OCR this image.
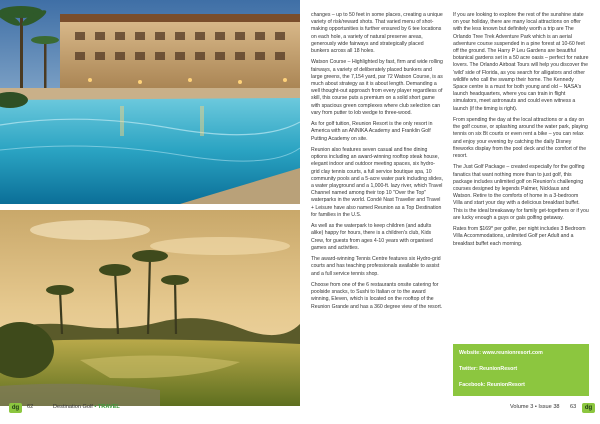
changes – up to 50 feet in some places, creating a unique variety of risk/reward shots. That varied menu of shot-making opportunities is further ensured by 6 tee locations on each hole, a variety of natural preserve areas, generously wide fairways and strategically placed bunkers across all 18 holes.

Watson Course – Highlighted by fast, firm and wide rolling fairways, a variety of deliberately placed bunkers and large greens, the 7,154 yard, par 72 Watson Course, is as much about strategy as it is about length. Demanding a well thought-out approach from every player regardless of skill, this course puts a premium on a solid short game with spacious green complexes where club selection can vary from putter to lob wedge to three-wood.

As for golf tuition, Reunion Resort is the only resort in America with an ANNIKA Academy and Franklin Golf Putting Academy on site.

Reunion also features seven casual and fine dining options including an award-winning rooftop steak house, elegant indoor and outdoor meeting spaces, six hydro-grid clay tennis courts, a full service boutique spa, 10 community pools and a 5-acre water park including slides, a water playground and a 1,000-ft. lazy river, which Travel Channel named among their top 10 "Over the Top" waterparks in the world. Condé Nast Traveller and Travel + Leisure have also named Reunion as a Top Destination for families in the U.S.

As well as the waterpark to keep children (and adults alike) happy for hours, there is a children's club, Kids Crew, for guests from ages 4-10 years with organised games and activities.

The award-winning Tennis Centre features six Hydro-grid courts and has teaching professionals available to assist and a full service tennis shop.

Choose from one of the 6 restaurants onsite catering for poolside snacks, to Sushi to Italian or to the award winning, Eleven, which is located on the rooftop of the Reunion Grande and has a 360 degree view of the resort.

If you are looking to explore the rest of the sunshine state on your holiday, there are many local attractions on offer with the less known but definitely worth a trip are The Orlando Tree Trek Adventure Park which is an aerial adventure course suspended in a pine forest at 10-60 feet off the ground. The Harry P Leu Gardens are beautiful botanical gardens set in a 50 acre oasis – perfect for nature lovers. The Orlando Airboat Tours will help you discover the 'wild' side of Florida, as you search for alligators and other wildlife who call the swamp their home. The Kennedy Space centre is a must for both young and old – NASA's launch headquarters, where you can train in flight simulators, meet astronauts and could even witness a launch (if the timing is right).

From spending the day at the local attractions or a day on the golf course, or splashing around the water park, playing tennis on six Bt courts or even rent a bike – you can relax and enjoy your evening by catching the daily Disney fireworks display from the pool deck and the comfort of the resort.

The Just Golf Package – created especially for the golfing fanatics that want nothing more than to just golf, this package includes unlimited golf on Reunion's challenging courses designed by legends Palmer, Nicklaus and Watson. Retire to the comforts of home in a 3-bedroom Villa and start your day with a delicious breakfast buffet. This is the ideal breakaway for family get-togethers or if you are lucky enough a guys or gals golfing getaway.

Rates from $169* per golfer, per night includes 3 Bedroom Villa Accommodations, unlimited Golf per Adult and a breakfast buffet each morning.

Website: www.reunionresort.com
Twitter: ReunionResort
Facebook: ReunionResort
dg	62	Destination Golf • TRAVEL	Volume 3 • Issue 38 63	dg
